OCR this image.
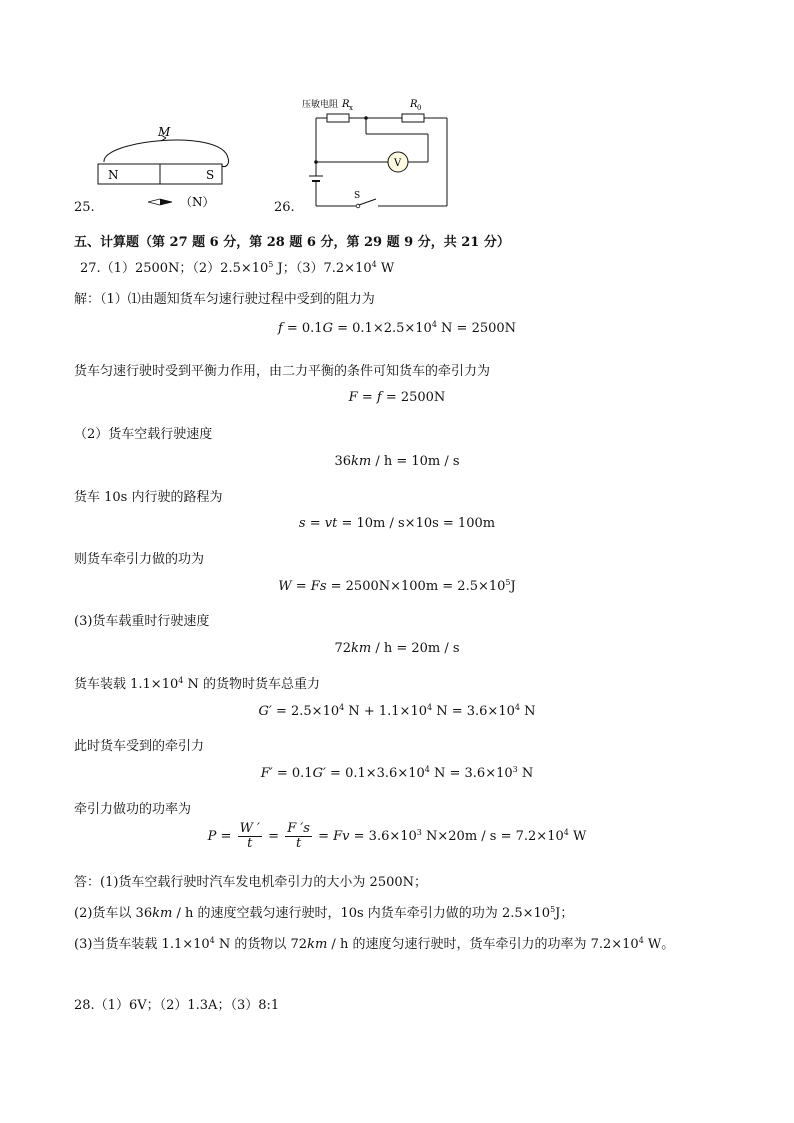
25.
M
N	S
（N）	26.
压敏电阻 R x	R 0
V
S
五、计算题（第 27 题 6 分，第 28 题 6 分，第 29 题 9 分，共 21 分）
27.（1）2500N；$(2)2.5\times 10^5$ J；$(3)7.2\times 10^4$ W
解：（1）⑴由题知货车匀速行驶过程中受到的阻力为
$f = 0.1G = 0.1\times 2.5\times 10^4$ N = 2500N
货车匀速行驶时受到平衡力作用，由二力平衡的条件可知货车的牵引力为
F = f = 2500N
（2）货车空载行驶速度
36km / h = 10m / s
货车 10s 内行驶的路程为
s = vt = 10m / s×10s = 100m
则货车牵引力做的功为
$W = Fs = 2500N\times 100m = 2.5\times 10^5J$
(3)货车载重时行驶速度
72km / h = 20m / s
货车装载 $1.1\times 10^4$ N 的货物时货车总重力
$G' = 2.5\times 10^4$ $N + 1.1\times 10^4$ $N = 3.6\times 10^4$ N
此时货车受到的牵引力
$F' = 0.1G' = 0.1\times 3.6\times 10^4$ $N = 3.6\times 10^3$ N
牵引力做功的功率为
$P = \frac{W '}{t} = \frac{F 's}{t} = Fv = 3.6\times 10^3$ $N\times 20m / s = 7.2\times 10^4$ W
答：(1)货车空载行驶时汽车发电机牵引力的大小为 2500N；
(2)货车以 36km / h 的速度空载匀速行驶时，10s 内货车牵引力做的功为 $2.5\times 10^5J$；
(3)当货车装载 $1.1\times 10^4$ N 的货物以 72km / h 的速度匀速行驶时，货车牵引力的功率为 $7.2\times 10^4$ W。
28.（1）6V；（2）1.3A；（3）8:1
